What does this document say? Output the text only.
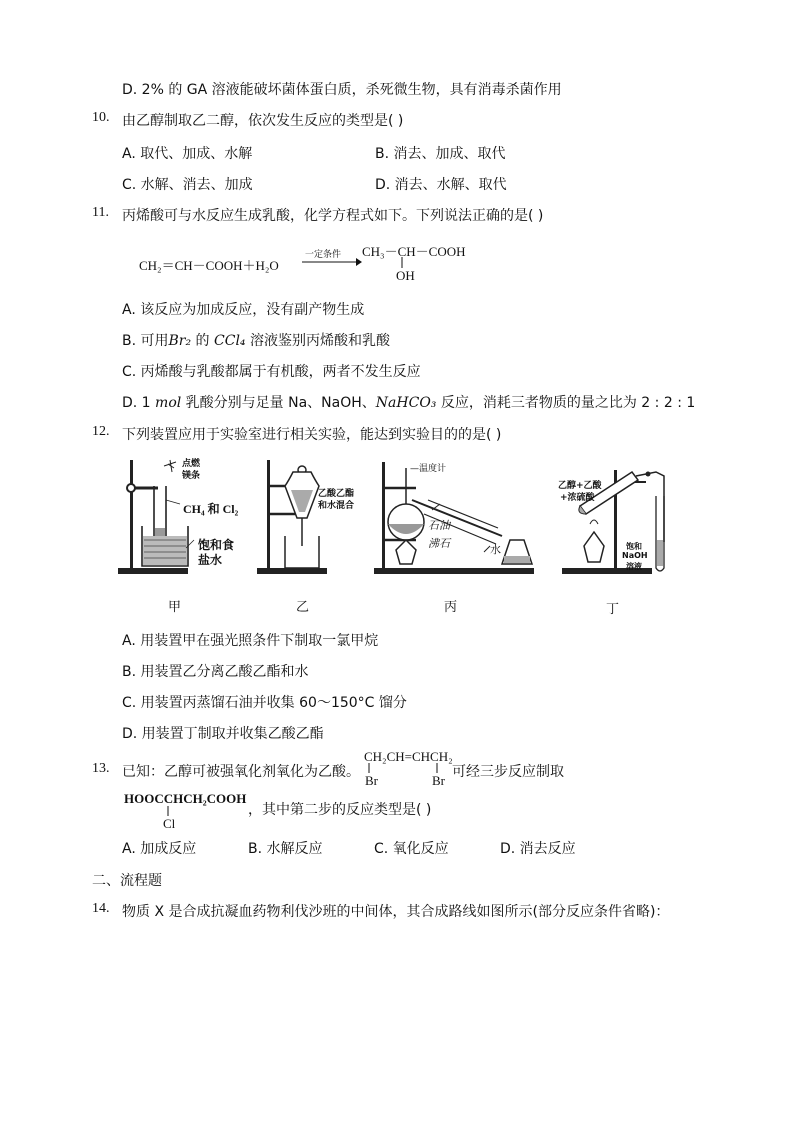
D. 2% 的 GA 溶液能破坏菌体蛋白质，杀死微生物，具有消毒杀菌作用
10. 由乙醇制取乙二醇，依次发生反应的类型是( )
A. 取代、加成、水解	B. 消去、加成、取代
C. 水解、消去、加成	D. 消去、水解、取代
11. 丙烯酸可与水反应生成乳酸，化学方程式如下。下列说法正确的是( )
CH₂＝CH－COOH＋H₂O
一定条件 CH₃－CH－COOH
OH
A. 该反应为加成反应，没有副产物生成
B. 可用Br₂ 的 CCl₄ 溶液鉴别丙烯酸和乳酸
C. 丙烯酸与乳酸都属于有机酸，两者不发生反应
D. 1 mol 乳酸分别与足量 Na、NaOH、NaHCO₃ 反应，消耗三者物质的量之比为 2 : 2 : 1
12. 下列装置应用于实验室进行相关实验，能达到实验目的的是( )
点燃
镁条
CH₄ 和 Cl₂
饱和食
盐水
甲
乙酸乙酯
和水混合
乙
—温度计
石油
沸石	水
丙
乙醇+乙酸
+浓硫酸
饱和
NaOH
溶液
丁
A. 用装置甲在强光照条件下制取一氯甲烷
B. 用装置乙分离乙酸乙酯和水
C. 用装置丙蒸馏石油并收集 60～150°C 馏分
D. 用装置丁制取并收集乙酸乙酯
13. 已知：乙醇可被强氧化剂氧化为乙酸。
CH₂CH=CHCH₂
Br	Br
可经三步反应制取
HOOCCHCH₂COOH
Cl
，其中第二步的反应类型是( )
A. 加成反应	B. 水解反应	C. 氧化反应	D. 消去反应
二、流程题
14. 物质 X 是合成抗凝血药物利伐沙班的中间体，其合成路线如图所示(部分反应条件省略)：
